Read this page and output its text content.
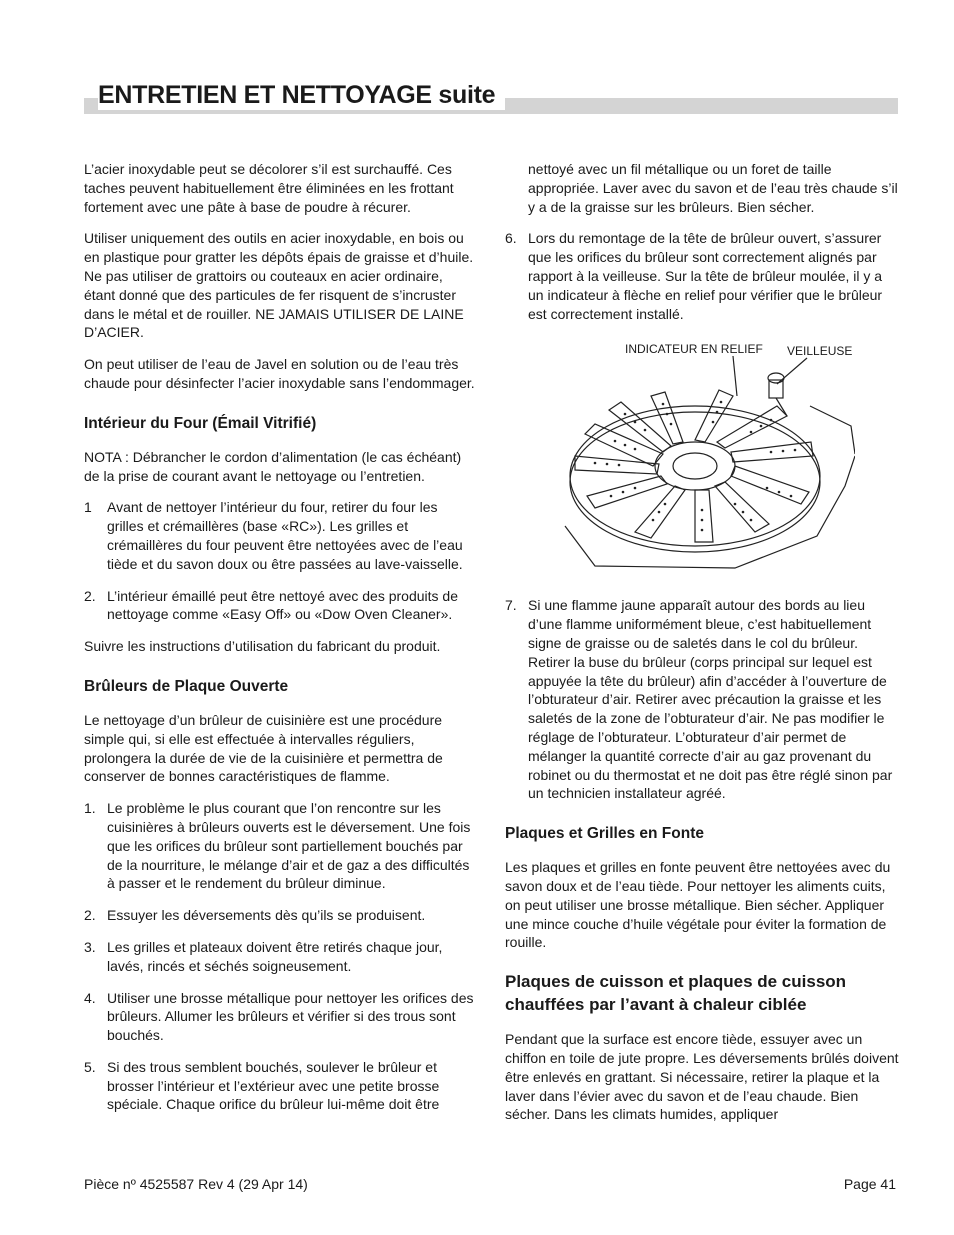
ENTRETIEN ET NETTOYAGE suite

L’acier inoxydable peut se décolorer s’il est surchauffé. Ces taches peuvent habituellement être éliminées en les frottant fortement avec une pâte à base de poudre à récurer.

Utiliser uniquement des outils en acier inoxydable, en bois ou en plastique pour gratter les dépôts épais de graisse et d’huile. Ne pas utiliser de grattoirs ou couteaux en acier ordinaire, étant donné que des particules de fer risquent de s’incruster dans le métal et de rouiller. NE JAMAIS UTILISER DE LAINE D’ACIER.

On peut utiliser de l’eau de Javel en solution ou de l’eau très chaude pour désinfecter l’acier inoxydable sans l’endommager.

Intérieur du Four (Émail Vitrifié)

NOTA : Débrancher le cordon d’alimentation (le cas échéant) de la prise de courant avant le nettoyage ou l’entretien.

1 Avant de nettoyer l’intérieur du four, retirer du four les grilles et crémaillères (base «RC»). Les grilles et crémaillères du four peuvent être nettoyées avec de l’eau tiède et du savon doux ou être passées au lave-vaisselle.
2. L’intérieur émaillé peut être nettoyé avec des produits de nettoyage comme «Easy Off» ou «Dow Oven Cleaner».

Suivre les instructions d’utilisation du fabricant du produit.

Brûleurs de Plaque Ouverte

Le nettoyage d’un brûleur de cuisinière est une procédure simple qui, si elle est effectuée à intervalles réguliers, prolongera la durée de vie de la cuisinière et permettra de conserver de bonnes caractéristiques de flamme.

1. Le problème le plus courant que l’on rencontre sur les cuisinières à brûleurs ouverts est le déversement. Une fois que les orifices du brûleur sont partiellement bouchés par de la nourriture, le mélange d’air et de gaz a des difficultés à passer et le rendement du brûleur diminue.
2. Essuyer les déversements dès qu’ils se produisent.
3. Les grilles et plateaux doivent être retirés chaque jour, lavés, rincés et séchés soigneusement.
4. Utiliser une brosse métallique pour nettoyer les orifices des brûleurs. Allumer les brûleurs et vérifier si des trous sont bouchés.
5. Si des trous semblent bouchés, soulever le brûleur et brosser l’intérieur et l’extérieur avec une petite brosse spéciale. Chaque orifice du brûleur lui-même doit être

nettoyé avec un fil métallique ou un foret de taille appropriée. Laver avec du savon et de l’eau très chaude s’il y a de la graisse sur les brûleurs. Bien sécher.

6. Lors du remontage de la tête de brûleur ouvert, s’assurer que les orifices du brûleur sont correctement alignés par rapport à la veilleuse. Sur la tête de brûleur moulée, il y a un indicateur à flèche en relief pour vérifier que le brûleur est correctement installé.
INDICATEUR EN RELIEF VEILLEUSE
7. Si une flamme jaune apparaît autour des bords au lieu d’une flamme uniformément bleue, c’est habituellement signe de graisse ou de saletés dans le col du brûleur. Retirer la buse du brûleur (corps principal sur lequel est appuyée la tête du brûleur) afin d’accéder à l’ouverture de l’obturateur d’air. Retirer avec précaution la graisse et les saletés de la zone de l’obturateur d’air. Ne pas modifier le réglage de l’obturateur. L’obturateur d’air permet de mélanger la quantité correcte d’air au gaz provenant du robinet ou du thermostat et ne doit pas être réglé sinon par un technicien installateur agréé.
Plaques et Grilles en Fonte

Les plaques et grilles en fonte peuvent être nettoyées avec du savon doux et de l’eau tiède. Pour nettoyer les aliments cuits, on peut utiliser une brosse métallique. Bien sécher. Appliquer une mince couche d’huile végétale pour éviter la formation de rouille.

Plaques de cuisson et plaques de cuisson chauffées par l’avant à chaleur ciblée

Pendant que la surface est encore tiède, essuyer avec un chiffon en toile de jute propre. Les déversements brûlés doivent être enlevés en grattant. Si nécessaire, retirer la plaque et la laver dans l’évier avec du savon et de l’eau chaude. Bien sécher. Dans les climats humides, appliquer

Pièce nº 4525587 Rev 4 (29 Apr 14)	Page 41
